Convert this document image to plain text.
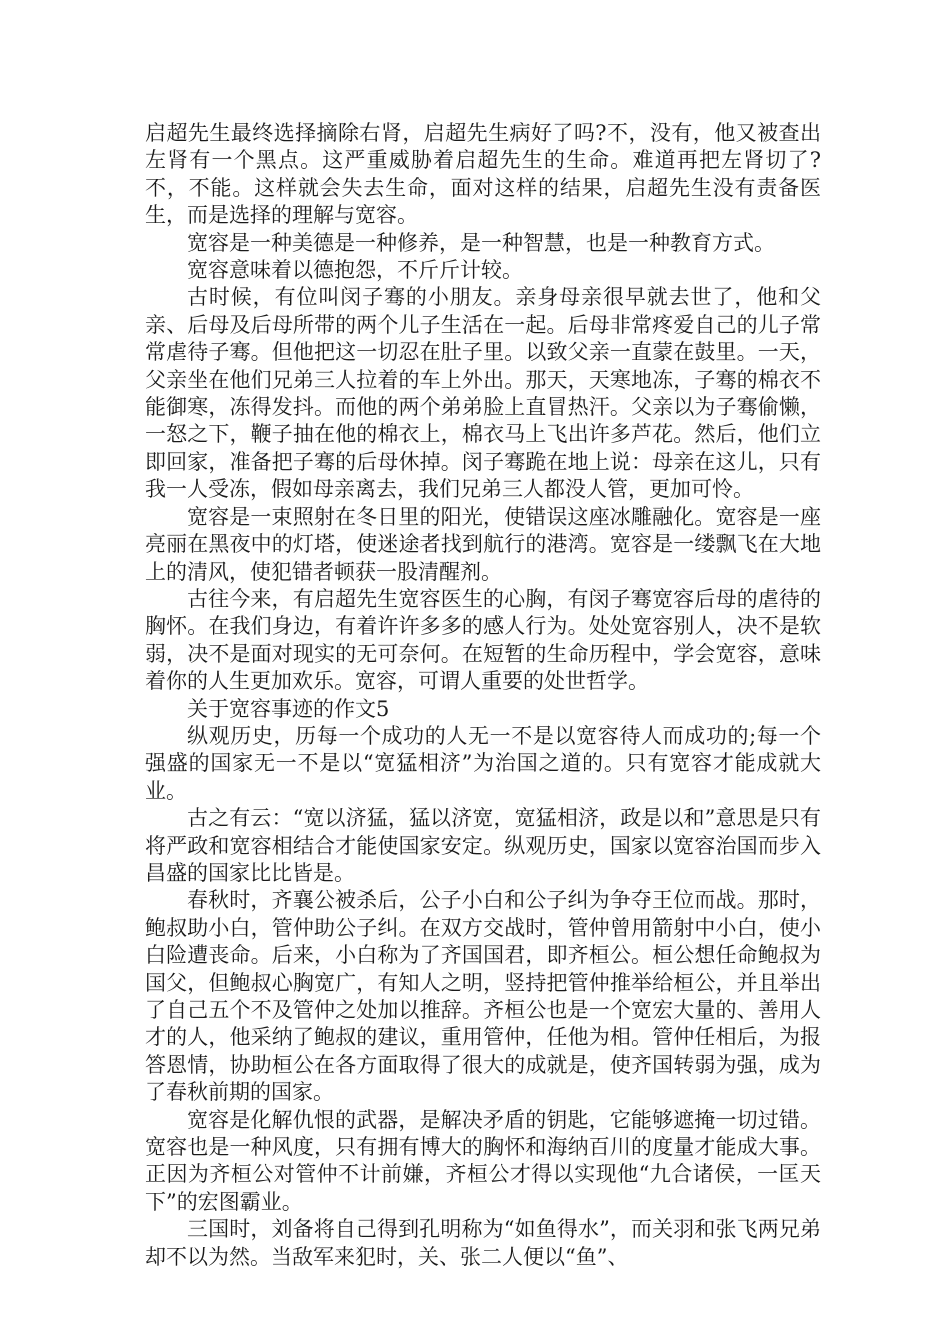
启超先生最终选择摘除右肾，启超先生病好了吗?不，没有，他又被查出左肾有一个黑点。这严重威胁着启超先生的生命。难道再把左肾切了?不，不能。这样就会失去生命，面对这样的结果，启超先生没有责备医生，而是选择的理解与宽容。

宽容是一种美德是一种修养，是一种智慧，也是一种教育方式。

宽容意味着以德抱怨，不斤斤计较。

古时候，有位叫闵子骞的小朋友。亲身母亲很早就去世了，他和父亲、后母及后母所带的两个儿子生活在一起。后母非常疼爱自己的儿子常常虐待子骞。但他把这一切忍在肚子里。以致父亲一直蒙在鼓里。一天，父亲坐在他们兄弟三人拉着的车上外出。那天，天寒地冻，子骞的棉衣不能御寒，冻得发抖。而他的两个弟弟脸上直冒热汗。父亲以为子骞偷懒，一怒之下，鞭子抽在他的棉衣上，棉衣马上飞出许多芦花。然后，他们立即回家，准备把子骞的后母休掉。闵子骞跪在地上说：母亲在这儿，只有我一人受冻，假如母亲离去，我们兄弟三人都没人管，更加可怜。

宽容是一束照射在冬日里的阳光，使错误这座冰雕融化。宽容是一座亮丽在黑夜中的灯塔，使迷途者找到航行的港湾。宽容是一缕飘飞在大地上的清风，使犯错者顿获一股清醒剂。

古往今来，有启超先生宽容医生的心胸，有闵子骞宽容后母的虐待的胸怀。在我们身边，有着许许多多的感人行为。处处宽容别人，决不是软弱，决不是面对现实的无可奈何。在短暂的生命历程中，学会宽容，意味着你的人生更加欢乐。宽容，可谓人重要的处世哲学。

关于宽容事迹的作文5

纵观历史，历每一个成功的人无一不是以宽容待人而成功的;每一个强盛的国家无一不是以“宽猛相济”为治国之道的。只有宽容才能成就大业。

古之有云：“宽以济猛，猛以济宽，宽猛相济，政是以和”意思是只有将严政和宽容相结合才能使国家安定。纵观历史，国家以宽容治国而步入昌盛的国家比比皆是。

春秋时，齐襄公被杀后，公子小白和公子纠为争夺王位而战。那时，鲍叔助小白，管仲助公子纠。在双方交战时，管仲曾用箭射中小白，使小白险遭丧命。后来，小白称为了齐国国君，即齐桓公。桓公想任命鲍叔为国父，但鲍叔心胸宽广，有知人之明，竖持把管仲推举给桓公，并且举出了自己五个不及管仲之处加以推辞。齐桓公也是一个宽宏大量的、善用人才的人，他采纳了鲍叔的建议，重用管仲，任他为相。管仲任相后，为报答恩情，协助桓公在各方面取得了很大的成就是，使齐国转弱为强，成为了春秋前期的国家。

宽容是化解仇恨的武器，是解决矛盾的钥匙，它能够遮掩一切过错。宽容也是一种风度，只有拥有博大的胸怀和海纳百川的度量才能成大事。正因为齐桓公对管仲不计前嫌，齐桓公才得以实现他“九合诸侯，一匡天下”的宏图霸业。

三国时，刘备将自己得到孔明称为“如鱼得水”，而关羽和张飞两兄弟却不以为然。当敌军来犯时，关、张二人便以“鱼”、
